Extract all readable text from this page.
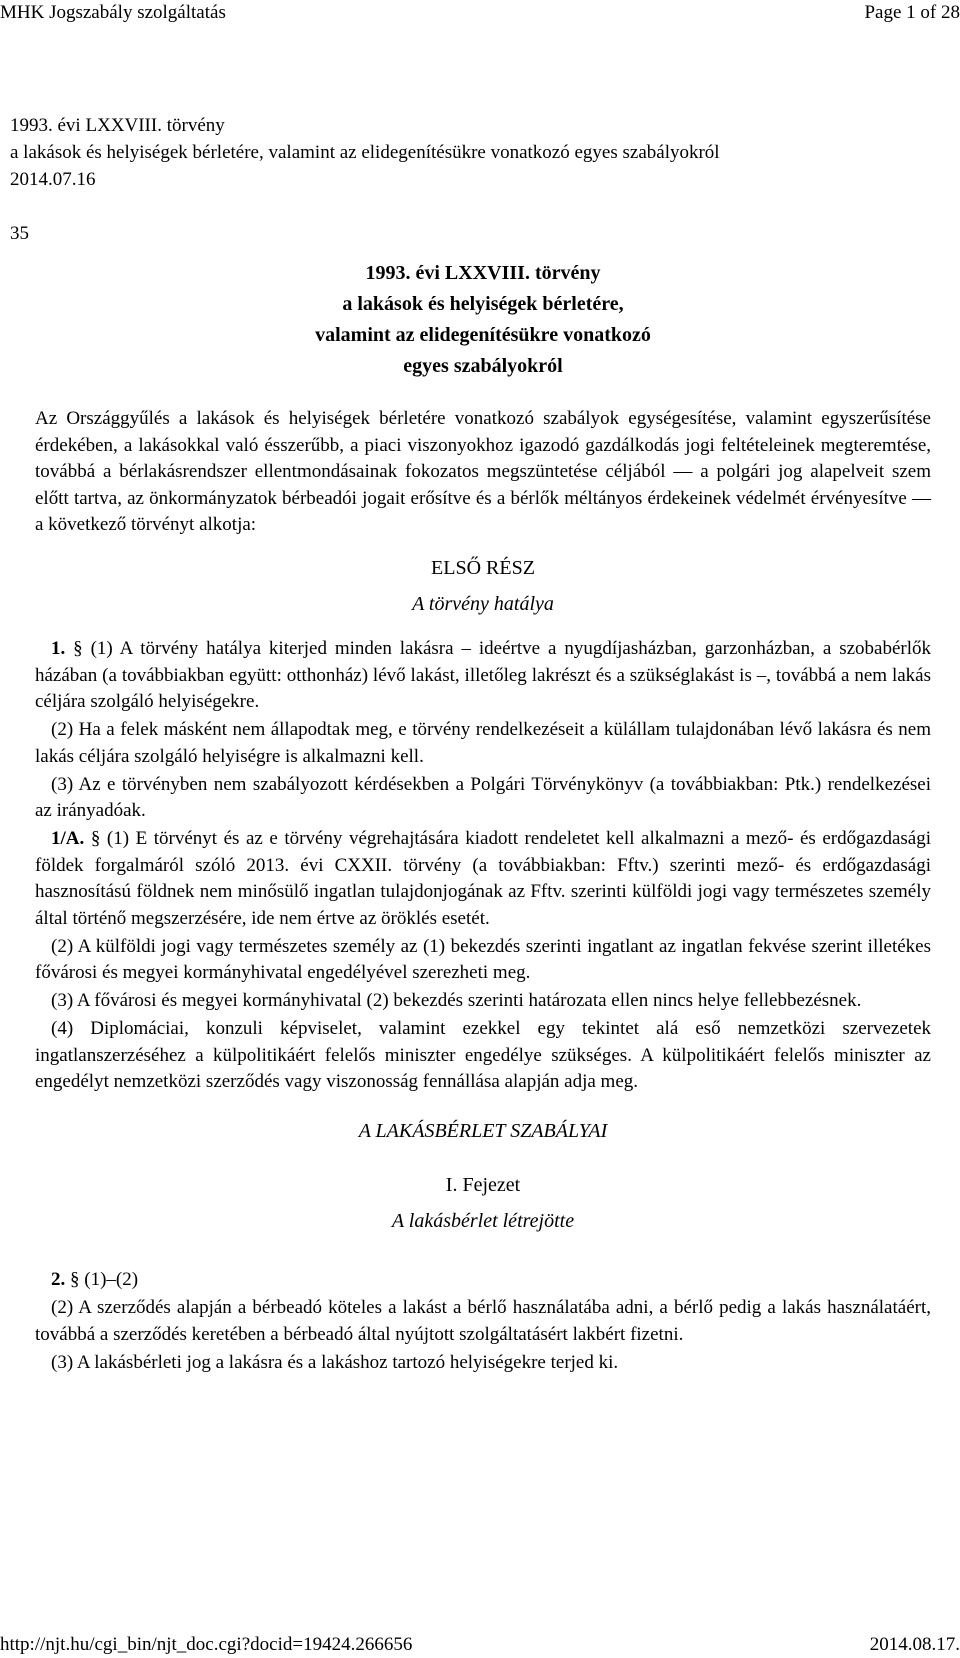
MHK Jogszabály szolgáltatás	Page 1 of 28
1993. évi LXXVIII. törvény
a lakások és helyiségek bérletére, valamint az elidegenítésükre vonatkozó egyes szabályokról
2014.07.16
35
1993. évi LXXVIII. törvény
a lakások és helyiségek bérletére,
valamint az elidegenítésükre vonatkozó
egyes szabályokról

Az Országgyűlés a lakások és helyiségek bérletére vonatkozó szabályok egységesítése, valamint egyszerűsítése érdekében, a lakásokkal való ésszerűbb, a piaci viszonyokhoz igazodó gazdálkodás jogi feltételeinek megteremtése, továbbá a bérlakásrendszer ellentmondásainak fokozatos megszüntetése céljából — a polgári jog alapelveit szem előtt tartva, az önkormányzatok bérbeadói jogait erősítve és a bérlők méltányos érdekeinek védelmét érvényesítve — a következő törvényt alkotja:

ELSŐ RÉSZ

A törvény hatálya

1. § (1) A törvény hatálya kiterjed minden lakásra – ideértve a nyugdíjasházban, garzonházban, a szobabérlők házában (a továbbiakban együtt: otthonház) lévő lakást, illetőleg lakrészt és a szükséglakást is –, továbbá a nem lakás céljára szolgáló helyiségekre.

(2) Ha a felek másként nem állapodtak meg, e törvény rendelkezéseit a külállam tulajdonában lévő lakásra és nem lakás céljára szolgáló helyiségre is alkalmazni kell.

(3) Az e törvényben nem szabályozott kérdésekben a Polgári Törvénykönyv (a továbbiakban: Ptk.) rendelkezései az irányadóak.

1/A. § (1) E törvényt és az e törvény végrehajtására kiadott rendeletet kell alkalmazni a mező- és erdőgazdasági földek forgalmáról szóló 2013. évi CXXII. törvény (a továbbiakban: Fftv.) szerinti mező- és erdőgazdasági hasznosítású földnek nem minősülő ingatlan tulajdonjogának az Fftv. szerinti külföldi jogi vagy természetes személy által történő megszerzésére, ide nem értve az öröklés esetét.

(2) A külföldi jogi vagy természetes személy az (1) bekezdés szerinti ingatlant az ingatlan fekvése szerint illetékes fővárosi és megyei kormányhivatal engedélyével szerezheti meg.

(3) A fővárosi és megyei kormányhivatal (2) bekezdés szerinti határozata ellen nincs helye fellebbezésnek.

(4) Diplomáciai, konzuli képviselet, valamint ezekkel egy tekintet alá eső nemzetközi szervezetek ingatlanszerzéséhez a külpolitikáért felelős miniszter engedélye szükséges. A külpolitikáért felelős miniszter az engedélyt nemzetközi szerződés vagy viszonosság fennállása alapján adja meg.

A LAKÁSBÉRLET SZABÁLYAI

I. Fejezet

A lakásbérlet létrejötte

2. § (1)–(2)

(2) A szerződés alapján a bérbeadó köteles a lakást a bérlő használatába adni, a bérlő pedig a lakás használatáért, továbbá a szerződés keretében a bérbeadó által nyújtott szolgáltatásért lakbért fizetni.

(3) A lakásbérleti jog a lakásra és a lakáshoz tartozó helyiségekre terjed ki.

http://njt.hu/cgi_bin/njt_doc.cgi?docid=19424.266656	2014.08.17.
